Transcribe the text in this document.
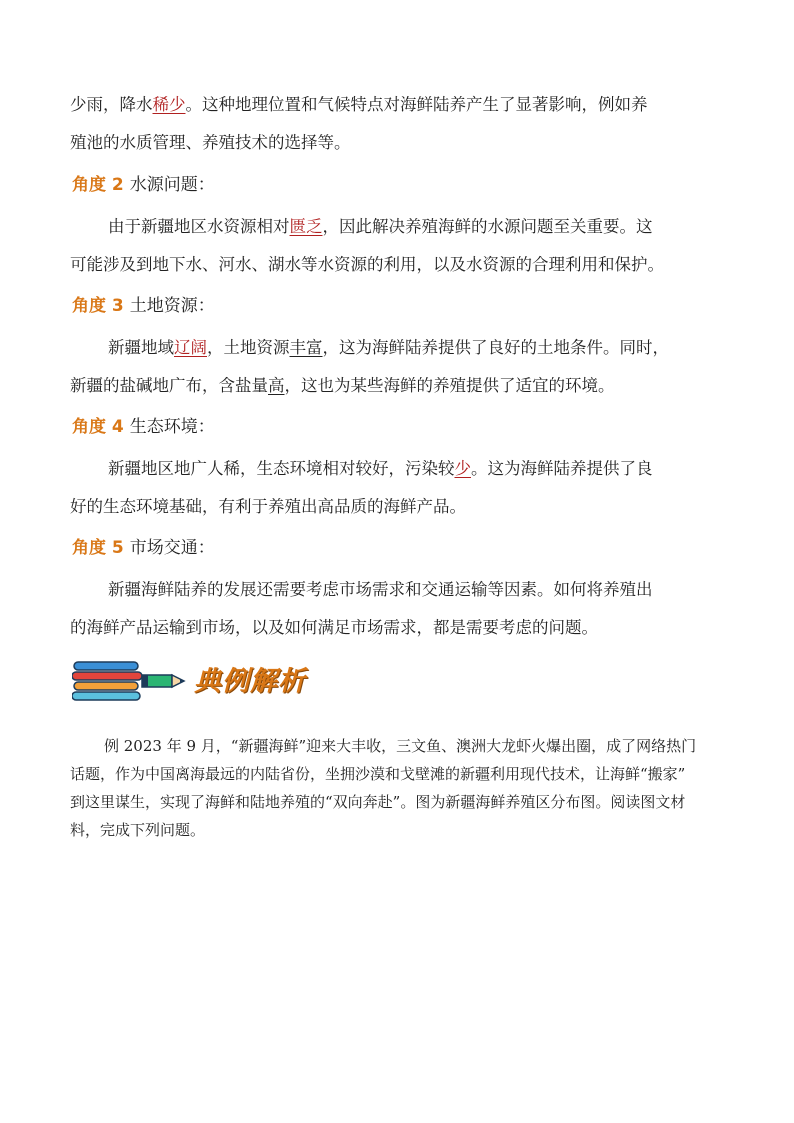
少雨，降水稀少。这种地理位置和气候特点对海鲜陆养产生了显著影响，例如养
殖池的水质管理、养殖技术的选择等。
角度 2 水源问题：
由于新疆地区水资源相对匮乏，因此解决养殖海鲜的水源问题至关重要。这
可能涉及到地下水、河水、湖水等水资源的利用，以及水资源的合理利用和保护。
角度 3 土地资源：
新疆地域辽阔，土地资源丰富，这为海鲜陆养提供了良好的土地条件。同时，
新疆的盐碱地广布，含盐量高，这也为某些海鲜的养殖提供了适宜的环境。
角度 4 生态环境：
新疆地区地广人稀，生态环境相对较好，污染较少。这为海鲜陆养提供了良
好的生态环境基础，有利于养殖出高品质的海鲜产品。
角度 5 市场交通：
新疆海鲜陆养的发展还需要考虑市场需求和交通运输等因素。如何将养殖出
的海鲜产品运输到市场，以及如何满足市场需求，都是需要考虑的问题。
典例解析
例 2023 年 9 月，“新疆海鲜”迎来大丰收，三文鱼、澳洲大龙虾火爆出圈，成了网络热门
话题，作为中国离海最远的内陆省份，坐拥沙漠和戈壁滩的新疆利用现代技术，让海鲜“搬家”
到这里谋生，实现了海鲜和陆地养殖的“双向奔赴”。图为新疆海鲜养殖区分布图。阅读图文材
料，完成下列问题。
